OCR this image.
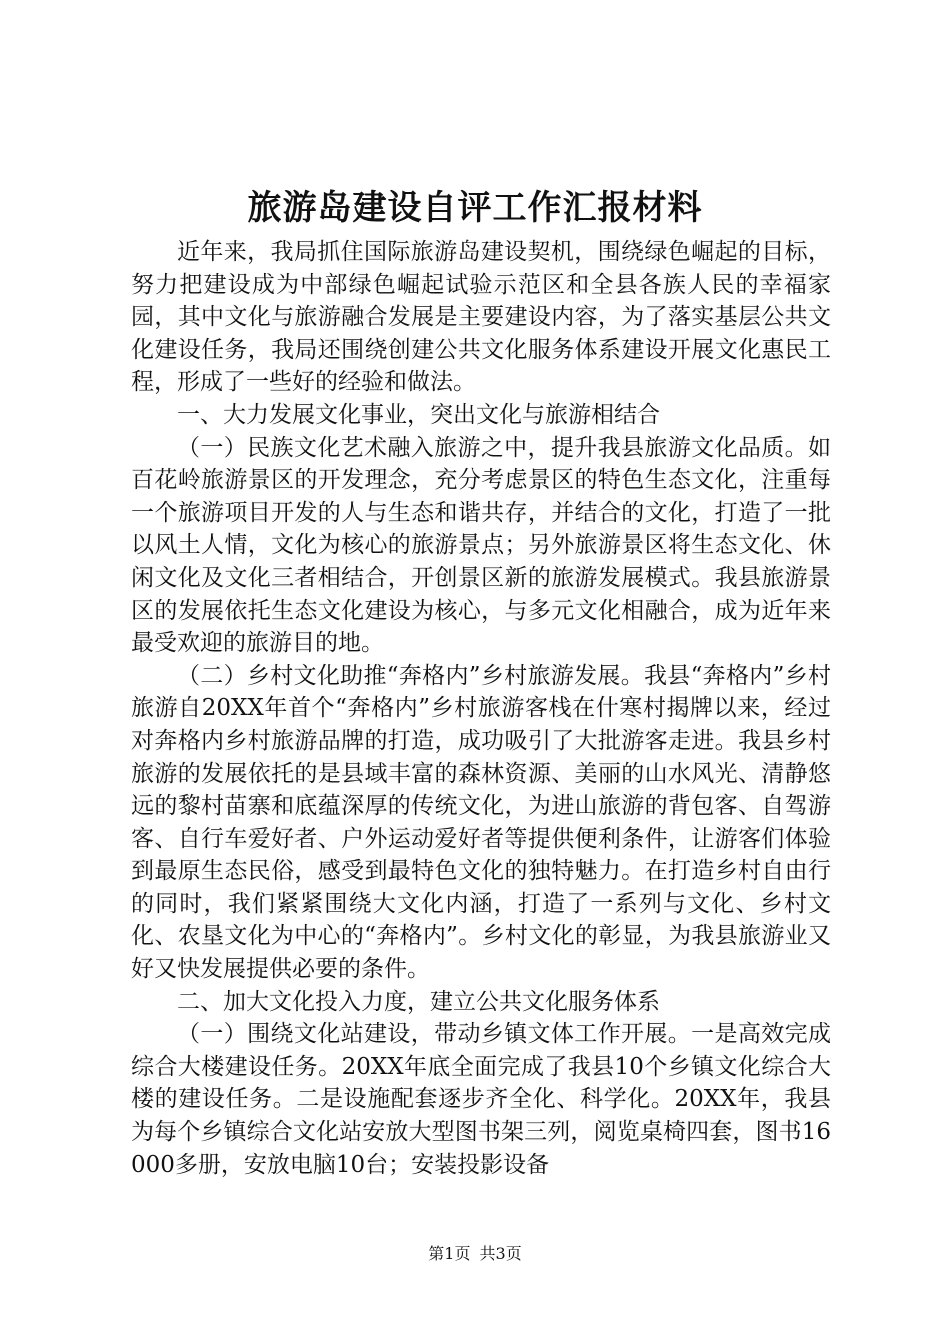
旅游岛建设自评工作汇报材料

近年来，我局抓住国际旅游岛建设契机，围绕绿色崛起的目标，努力把建设成为中部绿色崛起试验示范区和全县各族人民的幸福家园，其中文化与旅游融合发展是主要建设内容，为了落实基层公共文化建设任务，我局还围绕创建公共文化服务体系建设开展文化惠民工程，形成了一些好的经验和做法。

一、大力发展文化事业，突出文化与旅游相结合

（一）民族文化艺术融入旅游之中，提升我县旅游文化品质。如百花岭旅游景区的开发理念，充分考虑景区的特色生态文化，注重每一个旅游项目开发的人与生态和谐共存，并结合的文化，打造了一批以风土人情，文化为核心的旅游景点；另外旅游景区将生态文化、休闲文化及文化三者相结合，开创景区新的旅游发展模式。我县旅游景区的发展依托生态文化建设为核心，与多元文化相融合，成为近年来最受欢迎的旅游目的地。

（二）乡村文化助推“奔格内”乡村旅游发展。我县“奔格内”乡村旅游自20XX年首个“奔格内”乡村旅游客栈在什寒村揭牌以来，经过对奔格内乡村旅游品牌的打造，成功吸引了大批游客走进。我县乡村旅游的发展依托的是县域丰富的森林资源、美丽的山水风光、清静悠远的黎村苗寨和底蕴深厚的传统文化，为进山旅游的背包客、自驾游客、自行车爱好者、户外运动爱好者等提供便利条件，让游客们体验到最原生态民俗，感受到最特色文化的独特魅力。在打造乡村自由行的同时，我们紧紧围绕大文化内涵，打造了一系列与文化、乡村文化、农垦文化为中心的“奔格内”。乡村文化的彰显，为我县旅游业又好又快发展提供必要的条件。

二、加大文化投入力度，建立公共文化服务体系

（一）围绕文化站建设，带动乡镇文体工作开展。一是高效完成综合大楼建设任务。20XX年底全面完成了我县10个乡镇文化综合大楼的建设任务。二是设施配套逐步齐全化、科学化。20XX年，我县为每个乡镇综合文化站安放大型图书架三列，阅览桌椅四套，图书16000多册，安放电脑10台；安装投影设备

第1页 共3页
